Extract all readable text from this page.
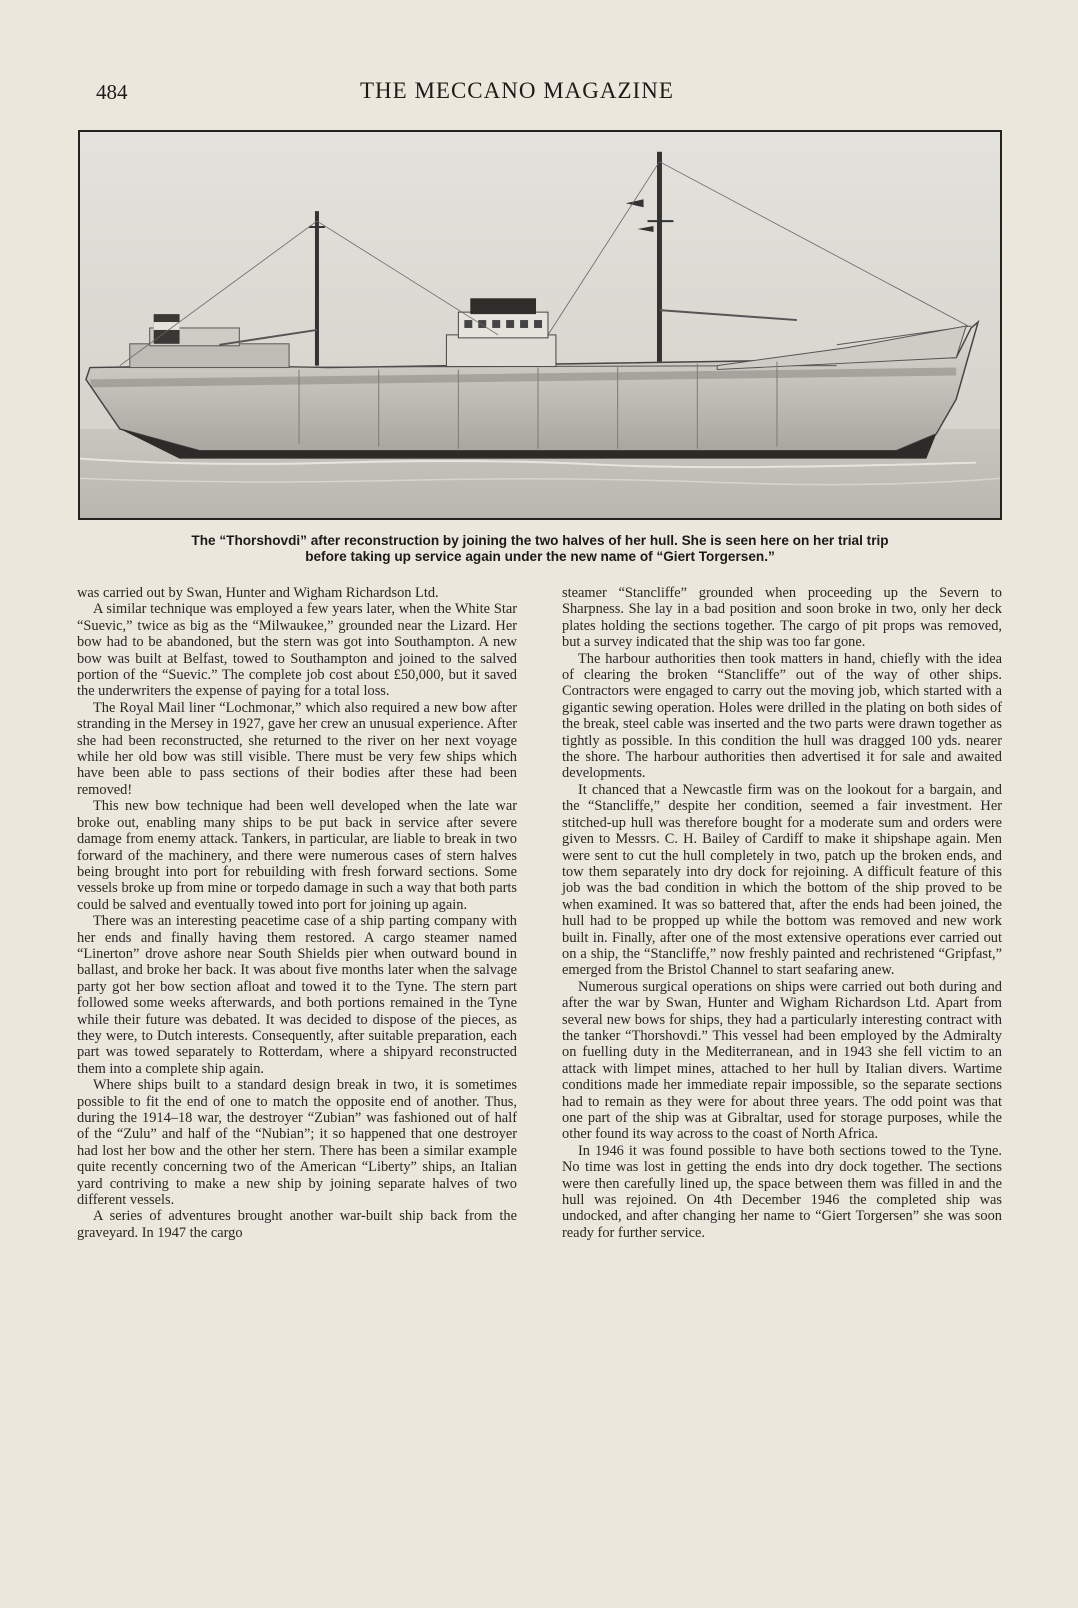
484	THE MECCANO MAGAZINE
The “Thorshovdi” after reconstruction by joining the two halves of her hull. She is seen here on her trial trip
before taking up service again under the new name of “Giert Torgersen.”

was carried out by Swan, Hunter and Wigham Richardson Ltd.

A similar technique was employed a few years later, when the White Star “Suevic,” twice as big as the “Milwaukee,” grounded near the Lizard. Her bow had to be abandoned, but the stern was got into Southampton. A new bow was built at Belfast, towed to Southampton and joined to the salved portion of the “Suevic.” The complete job cost about £50,000, but it saved the underwriters the expense of paying for a total loss.

The Royal Mail liner “Lochmonar,” which also required a new bow after stranding in the Mersey in 1927, gave her crew an unusual experience. After she had been reconstructed, she returned to the river on her next voyage while her old bow was still visible. There must be very few ships which have been able to pass sections of their bodies after these had been removed!

This new bow technique had been well developed when the late war broke out, enabling many ships to be put back in service after severe damage from enemy attack. Tankers, in particular, are liable to break in two forward of the machinery, and there were numerous cases of stern halves being brought into port for rebuilding with fresh forward sections. Some vessels broke up from mine or torpedo damage in such a way that both parts could be salved and eventually towed into port for joining up again.

There was an interesting peacetime case of a ship parting company with her ends and finally having them restored. A cargo steamer named “Linerton” drove ashore near South Shields pier when outward bound in ballast, and broke her back. It was about five months later when the salvage party got her bow section afloat and towed it to the Tyne. The stern part followed some weeks afterwards, and both portions remained in the Tyne while their future was debated. It was decided to dispose of the pieces, as they were, to Dutch interests. Consequently, after suitable preparation, each part was towed separately to Rotterdam, where a shipyard reconstructed them into a complete ship again.

Where ships built to a standard design break in two, it is sometimes possible to fit the end of one to match the opposite end of another. Thus, during the 1914–18 war, the destroyer “Zubian” was fashioned out of half of the “Zulu” and half of the “Nubian”; it so happened that one destroyer had lost her bow and the other her stern. There has been a similar example quite recently concerning two of the American “Liberty” ships, an Italian yard contriving to make a new ship by joining separate halves of two different vessels.

A series of adventures brought another war-built ship back from the graveyard. In 1947 the cargo

steamer “Stancliffe” grounded when proceeding up the Severn to Sharpness. She lay in a bad position and soon broke in two, only her deck plates holding the sections together. The cargo of pit props was removed, but a survey indicated that the ship was too far gone.

The harbour authorities then took matters in hand, chiefly with the idea of clearing the broken “Stancliffe” out of the way of other ships. Contractors were engaged to carry out the moving job, which started with a gigantic sewing operation. Holes were drilled in the plating on both sides of the break, steel cable was inserted and the two parts were drawn together as tightly as possible. In this condition the hull was dragged 100 yds. nearer the shore. The harbour authorities then advertised it for sale and awaited developments.

It chanced that a Newcastle firm was on the lookout for a bargain, and the “Stancliffe,” despite her condition, seemed a fair investment. Her stitched-up hull was therefore bought for a moderate sum and orders were given to Messrs. C. H. Bailey of Cardiff to make it shipshape again. Men were sent to cut the hull completely in two, patch up the broken ends, and tow them separately into dry dock for rejoining. A difficult feature of this job was the bad condition in which the bottom of the ship proved to be when examined. It was so battered that, after the ends had been joined, the hull had to be propped up while the bottom was removed and new work built in. Finally, after one of the most extensive operations ever carried out on a ship, the “Stancliffe,” now freshly painted and rechristened “Gripfast,” emerged from the Bristol Channel to start seafaring anew.

Numerous surgical operations on ships were carried out both during and after the war by Swan, Hunter and Wigham Richardson Ltd. Apart from several new bows for ships, they had a particularly interesting contract with the tanker “Thorshovdi.” This vessel had been employed by the Admiralty on fuelling duty in the Mediterranean, and in 1943 she fell victim to an attack with limpet mines, attached to her hull by Italian divers. Wartime conditions made her immediate repair impossible, so the separate sections had to remain as they were for about three years. The odd point was that one part of the ship was at Gibraltar, used for storage purposes, while the other found its way across to the coast of North Africa.

In 1946 it was found possible to have both sections towed to the Tyne. No time was lost in getting the ends into dry dock together. The sections were then carefully lined up, the space between them was filled in and the hull was rejoined. On 4th December 1946 the completed ship was undocked, and after changing her name to “Giert Torgersen” she was soon ready for further service.
